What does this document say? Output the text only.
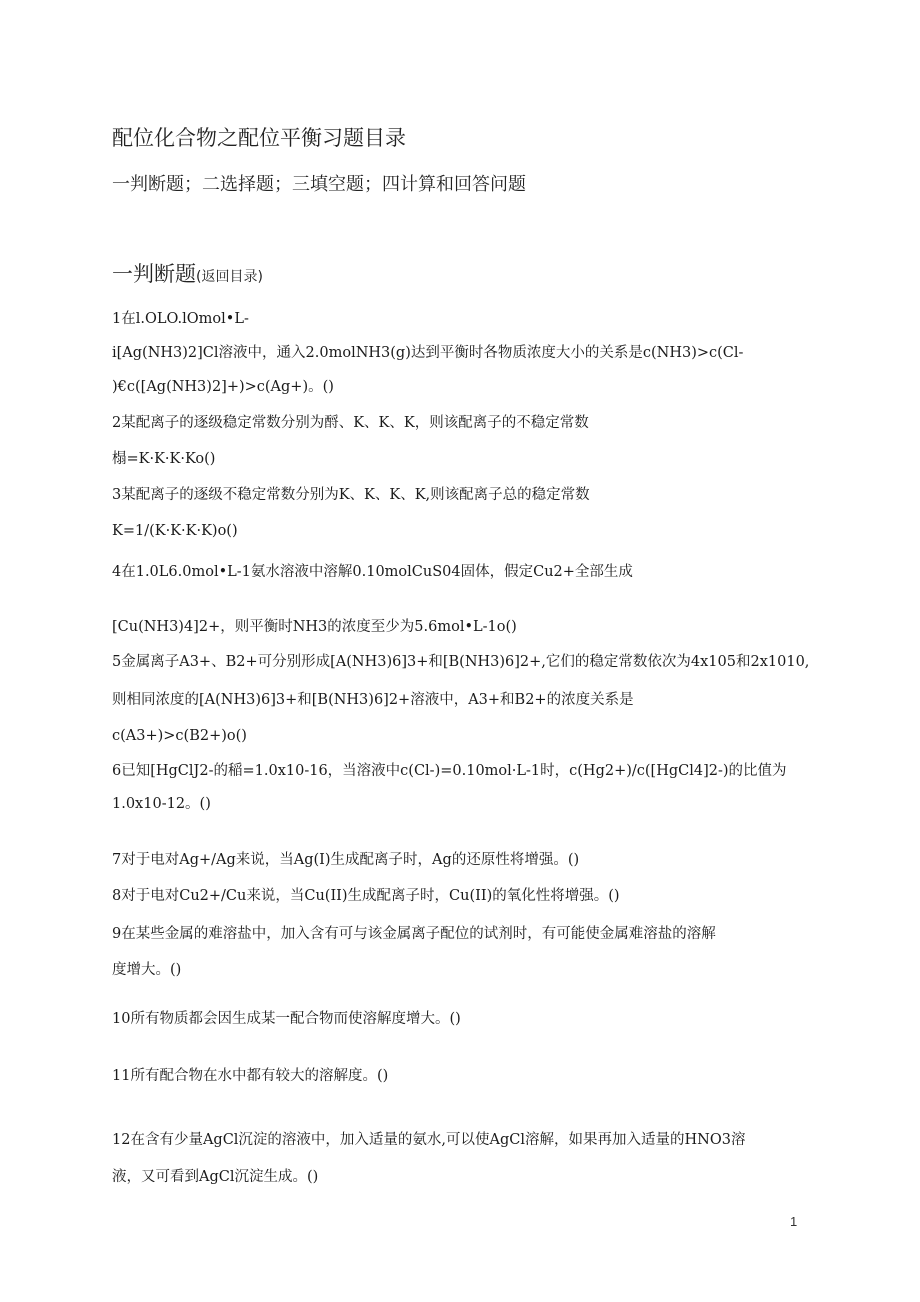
配位化合物之配位平衡习题目录
一判断题；二选择题；三填空题；四计算和回答问题
一判断题(返回目录)
1在l.OLO.lOmol•L-
i[Ag(NH3)2]Cl溶液中，通入2.0molNH3(g)达到平衡时各物质浓度大小的关系是c(NH3)>c(Cl-
)€c([Ag(NH3)2]+)>c(Ag+)。()
2某配离子的逐级稳定常数分别为酹、K、K、K，则该配离子的不稳定常数
榻=K·K·K·Ko()
3某配离子的逐级不稳定常数分别为K、K、K、K,则该配离子总的稳定常数
K=1/(K·K·K·K)o()
4在1.0L6.0mol•L-1氨水溶液中溶解0.10molCuS04固体，假定Cu2+全部生成
[Cu(NH3)4]2+，则平衡时NH3的浓度至少为5.6mol•L-1o()
5金属离子A3+、B2+可分别形成[A(NH3)6]3+和[B(NH3)6]2+,它们的稳定常数依次为4x105和2x1010,
则相同浓度的[A(NH3)6]3+和[B(NH3)6]2+溶液中，A3+和B2+的浓度关系是
c(A3+)>c(B2+)o()
6已知[HgClJ2-的稲=1.0x10-16，当溶液中c(Cl-)=0.10mol·L-1时，c(Hg2+)/c([HgCl4]2-)的比值为
1.0x10-12。()
7对于电对Ag+/Ag来说，当Ag(I)生成配离子时，Ag的还原性将增强。()
8对于电对Cu2+/Cu来说，当Cu(II)生成配离子时，Cu(II)的氧化性将增强。()
9在某些金属的难溶盐中，加入含有可与该金属离子配位的试剂时，有可能使金属难溶盐的溶解
度增大。()
10所有物质都会因生成某一配合物而使溶解度增大。()
11所有配合物在水中都有较大的溶解度。()
12在含有少量AgCl沉淀的溶液中，加入适量的氨水,可以使AgCl溶解，如果再加入适量的HNO3溶
液，又可看到AgCl沉淀生成。()
1
